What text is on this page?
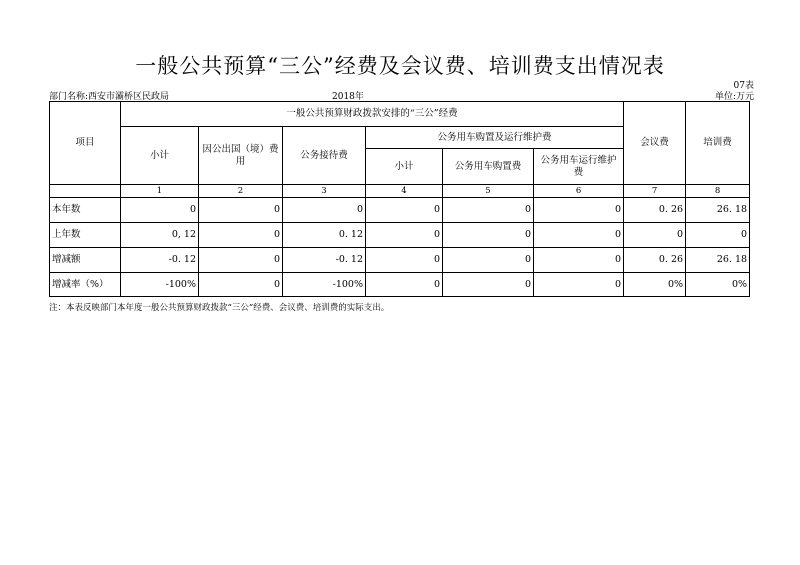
一般公共预算“三公”经费及会议费、培训费支出情况表
07表
部门名称:西安市灞桥区民政局	2018年	单位:万元
项目	一般公共预算财政拨款安排的“三公”经费						会议费	培训费
	小计	因公出国（境）费用	公务接待费	公务用车购置及运行维护费				
				小计	公务用车购置费	公务用车运行维护费		
	1	2	3	4	5	6	7	8
本年数	0	0	0	0	0	0	0. 26	26. 18
上年数	0, 12	0	0. 12	0	0	0	0	0
增减额	-0. 12	0	-0. 12	0	0	0	0. 26	26. 18
增减率（%）	-100%	0	-100%	0	0	0	0%	0%
注：本表反映部门本年度一般公共预算财政拨款“三公”经费、会议费、培训费的实际支出。
